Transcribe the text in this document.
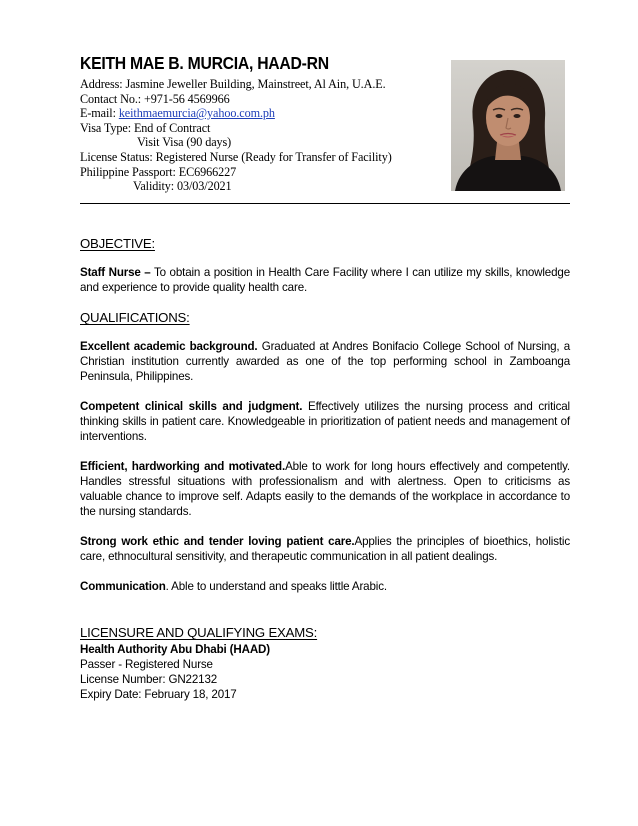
KEITH MAE B. MURCIA, HAAD-RN
Address: Jasmine Jeweller Building, Mainstreet, Al Ain, U.A.E.
Contact No.: +971-56 4569966
E-mail: keithmaemurcia@yahoo.com.ph
Visa Type: End of Contract
Visit Visa (90 days)
License Status: Registered Nurse (Ready for Transfer of Facility)
Philippine Passport: EC6966227
Validity: 03/03/2021
OBJECTIVE:

Staff Nurse – To obtain a position in Health Care Facility where I can utilize my skills, knowledge and experience to provide quality health care.

QUALIFICATIONS:

Excellent academic background. Graduated at Andres Bonifacio College School of Nursing, a Christian institution currently awarded as one of the top performing school in Zamboanga Peninsula, Philippines.

Competent clinical skills and judgment. Effectively utilizes the nursing process and critical thinking skills in patient care. Knowledgeable in prioritization of patient needs and management of interventions.

Efficient, hardworking and motivated.Able to work for long hours effectively and competently. Handles stressful situations with professionalism and with alertness. Open to criticisms as valuable chance to improve self. Adapts easily to the demands of the workplace in accordance to the nursing standards.

Strong work ethic and tender loving patient care.Applies the principles of bioethics, holistic care, ethnocultural sensitivity, and therapeutic communication in all patient dealings.

Communication. Able to understand and speaks little Arabic.

LICENSURE AND QUALIFYING EXAMS:

Health Authority Abu Dhabi (HAAD)

Passer - Registered Nurse

License Number: GN22132

Expiry Date: February 18, 2017
